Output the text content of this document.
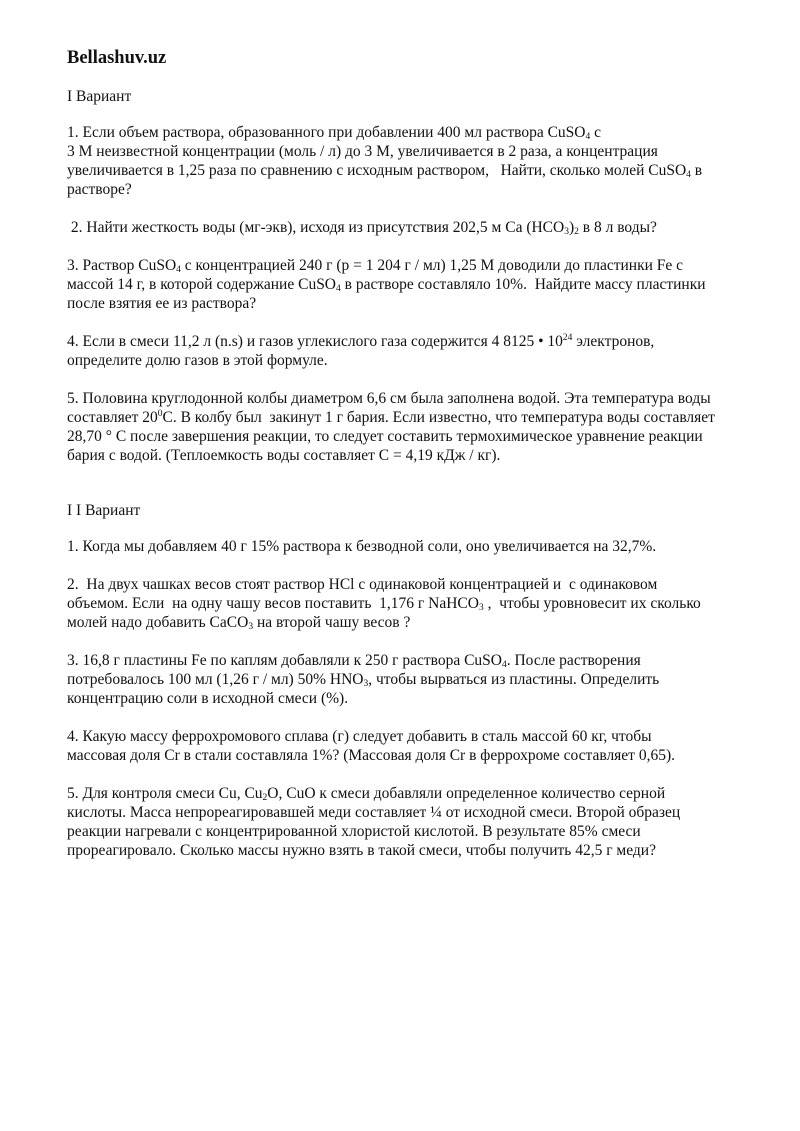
Bellashuv.uz
I Вариант
1. Если объем раствора, образованного при добавлении 400 мл раствора CuSO$_4$ с
3 М неизвестной концентрации (моль / л) до 3 М, увеличивается в 2 раза, а концентрация
увеличивается в 1,25 раза по сравнению с исходным раствором,   Найти, сколько молей CuSO$_4$ в
растворе?
2. Найти жесткость воды (мг-экв), исходя из присутствия 202,5 м Ca $(HCO_3)_2$ в 8 л воды?
3. Раствор CuSO$_4$ с концентрацией 240 г (p = 1 204 г / мл) 1,25 М доводили до пластинки Fe с
массой 14 г, в которой содержание CuSO$_4$ в растворе составляло 10%.  Найдите массу пластинки
после взятия ее из раствора?
4. Если в смеси 11,2 л (n.s) и газов углекислого газа содержится 4 8125 • $10^{24}$ электронов,
определите долю газов в этой формуле.
5. Половина круглодонной колбы диаметром 6,6 см была заполнена водой. Эта температура воды
составляет $20^0С$. В колбу был  закинут 1 г бария. Если известно, что температура воды составляет
28,70 ° C после завершения реакции, то следует составить термохимическое уравнение реакции
бария с водой. (Теплоемкость воды составляет C = 4,19 кДж / кг).
I I Вариант
1. Когда мы добавляем 40 г 15% раствора к безводной соли, оно увеличивается на 32,7%.
2.  На двух чашках весов стоят раствор HCl с одинаковой концентрацией и  с одинаковом
объемом. Если  на одну чашу весов поставить  1,176 г NaHCO$_3$ ,  чтобы уровновесит их сколько
молей надо добавить CaCO$_3$ на второй чашу весов ?
3. 16,8 г пластины Fe по каплям добавляли к 250 г раствора CuSO$_4$. После растворения
потребовалось 100 мл (1,26 г / мл) 50% $HNO_3$, чтобы вырваться из пластины. Определить
концентрацию соли в исходной смеси (%).
4. Какую массу феррохромового сплава (г) следует добавить в сталь массой 60 кг, чтобы
массовая доля Cr в стали составляла 1%? (Массовая доля Cr в феррохроме составляет 0,65).
5. Для контроля смеси Cu, $Cu_2O$, CuO к смеси добавляли определенное количество серной
кислоты. Масса непрореагировавшей меди составляет ¼ от исходной смеси. Второй образец
реакции нагревали с концентрированной хлористой кислотой. В результате 85% смеси
прореагировало. Сколько массы нужно взять в такой смеси, чтобы получить 42,5 г меди?
